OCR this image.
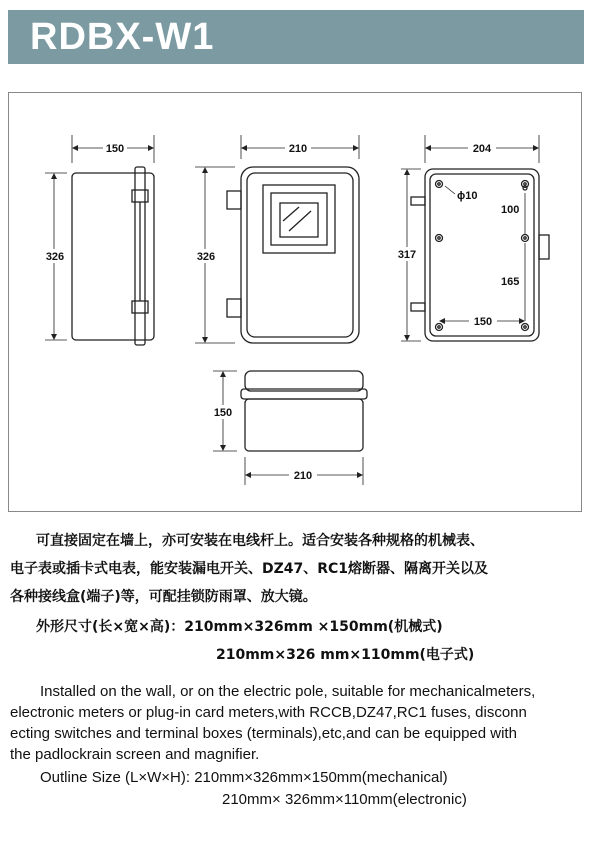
RDBX-W1
150
326
210
326
204
317
ϕ10
100
165
150
150
210
可直接固定在墙上，亦可安装在电线杆上。适合安装各种规格的机械表、
电子表或插卡式电表，能安装漏电开关、DZ47、RC1熔断器、隔离开关以及
各种接线盒(端子)等，可配挂锁防雨罩、放大镜。
外形尺寸(长×宽×高)：210mm×326mm ×150mm(机械式)
210mm×326 mm×110mm(电子式)
Installed on the wall, or on the electric pole, suitable for mechanicalmeters,
electronic meters or plug-in card meters,with RCCB,DZ47,RC1 fuses, disconn
ecting switches and terminal boxes (terminals),etc,and can be equipped with
the padlockrain screen and magnifier.
Outline Size (L×W×H): 210mm×326mm×150mm(mechanical)
210mm× 326mm×110mm(electronic)
